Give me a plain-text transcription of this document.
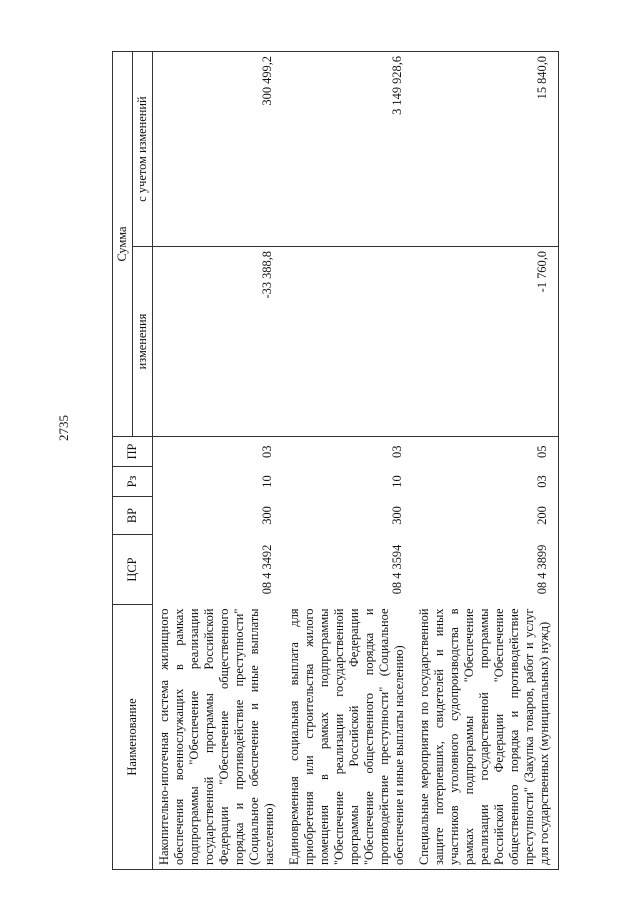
2735
Наименование	ЦСР	ВР	Рз	ПР	Сумма	
					изменения	с учетом изменений
Накопительно-ипотечная система жилищного обеспечения военнослужащих в рамках подпрограммы "Обеспечение реализации государственной программы Российской Федерации "Обеспечение общественного порядка и противодействие преступности" (Социальное обеспечение и иные выплаты населению)	08 4 3492	300	10	03	-33 388,8	300 499,2
Единовременная социальная выплата для приобретения или строительства жилого помещения в рамках подпрограммы "Обеспечение реализации государственной программы Российской Федерации "Обеспечение общественного порядка и противодействие преступности" (Социальное обеспечение и иные выплаты населению)	08 4 3594	300	10	03		3 149 928,6
Специальные мероприятия по государственной защите потерпевших, свидетелей и иных участников уголовного судопроизводства в рамках подпрограммы "Обеспечение реализации государственной программы Российской Федерации "Обеспечение общественного порядка и противодействие преступности" (Закупка товаров, работ и услуг для государственных (муниципальных) нужд)	08 4 3899	200	03	05	-1 760,0	15 840,0
